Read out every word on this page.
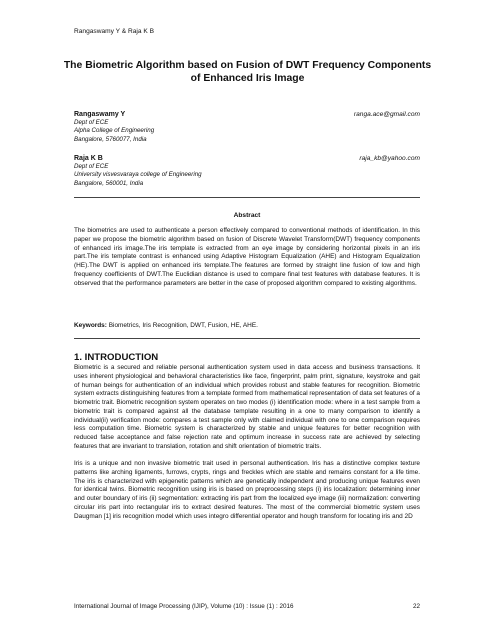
Rangaswamy Y & Raja K B
The Biometric Algorithm based on Fusion of DWT Frequency Components of Enhanced Iris Image
Rangaswamy Y
Dept of ECE
Alpha College of Engineering
Bangalore, 5760077, India
ranga.ace@gmail.com
Raja K B
Dept of ECE
University visvesvaraya college of Engineering
Bangalore, 560001, India
raja_kb@yahoo.com
Abstract
The biometrics are used to authenticate a person effectively compared to conventional methods of identification. In this paper we propose the biometric algorithm based on fusion of Discrete Wavelet Transform(DWT) frequency components of enhanced iris image.The iris template is extracted from an eye image by considering horizontal pixels in an iris part.The iris template contrast is enhanced using Adaptive Histogram Equalization (AHE) and Histogram Equalization (HE).The DWT is applied on enhanced iris template.The features are formed by straight line fusion of low and high frequency coefficients of DWT.The Euclidian distance is used to compare final test features with database features. It is observed that the performance parameters are better in the case of proposed algorithm compared to existing algorithms.
Keywords: Biometrics, Iris Recognition, DWT, Fusion, HE, AHE.
1. INTRODUCTION

Biometric is a secured and reliable personal authentication system used in data access and business transactions. It uses inherent physiological and behavioral characteristics like face, fingerprint, palm print, signature, keystroke and gait of human beings for authentication of an individual which provides robust and stable features for recognition. Biometric system extracts distinguishing features from a template formed from mathematical representation of data set features of a biometric trait. Biometric recognition system operates on two modes (i) identification mode: where in a test sample from a biometric trait is compared against all the database template resulting in a one to many comparison to identify a individual(ii) verification mode: compares a test sample only with claimed individual with one to one comparison requires less computation time. Biometric system is characterized by stable and unique features for better recognition with reduced false acceptance and false rejection rate and optimum increase in success rate are achieved by selecting features that are invariant to translation, rotation and shift orientation of biometric traits.

Iris is a unique and non invasive biometric trait used in personal authentication. Iris has a distinctive complex texture patterns like arching ligaments, furrows, crypts, rings and freckles which are stable and remains constant for a life time. The iris is characterized with epigenetic patterns which are genetically independent and producing unique features even for identical twins. Biometric recognition using iris is based on preprocessing steps (i) iris localization: determining inner and outer boundary of iris (ii) segmentation: extracting iris part from the localized eye image (iii) normalization: converting circular iris part into rectangular iris to extract desired features. The most of the commercial biometric system uses Daugman [1] iris recognition model which uses integro differential operator and hough transform for locating iris and 2D

International Journal of Image Processing (IJIP), Volume (10) : Issue (1) : 2016	22
